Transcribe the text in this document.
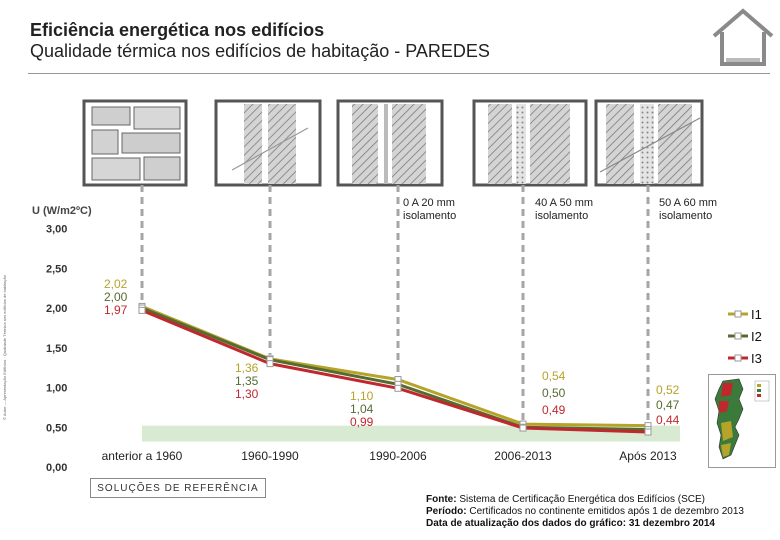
Eficiência energética nos edifícios
Qualidade térmica nos edifícios de habitação - PAREDES
© Autor — Apresentação Edifícios · Qualidade Térmica nos edifícios de habitação
0,00
0,50
1,00
1,50
2,00
2,50
3,00
2,02
2,00
1,97
1,36
1,35
1,30	1,10
1,04
0,99
0,54
0,50
0,49
0,52
0,47
0,44
anterior a 1960	1960-1990	1990-2006	2006-2013	Após 2013
I1
I2
I3
U (W/m2ºC)
0 A 20 mm
isolamento
40 A 50 mm
isolamento
50 A 60 mm
isolamento
SOLUÇÕES DE REFERÊNCIA
Fonte: Sistema de Certificação Energética dos Edifícios (SCE)
Período: Certificados no continente emitidos após 1 de dezembro 2013
Data de atualização dos dados do gráfico: 31 dezembro 2014
